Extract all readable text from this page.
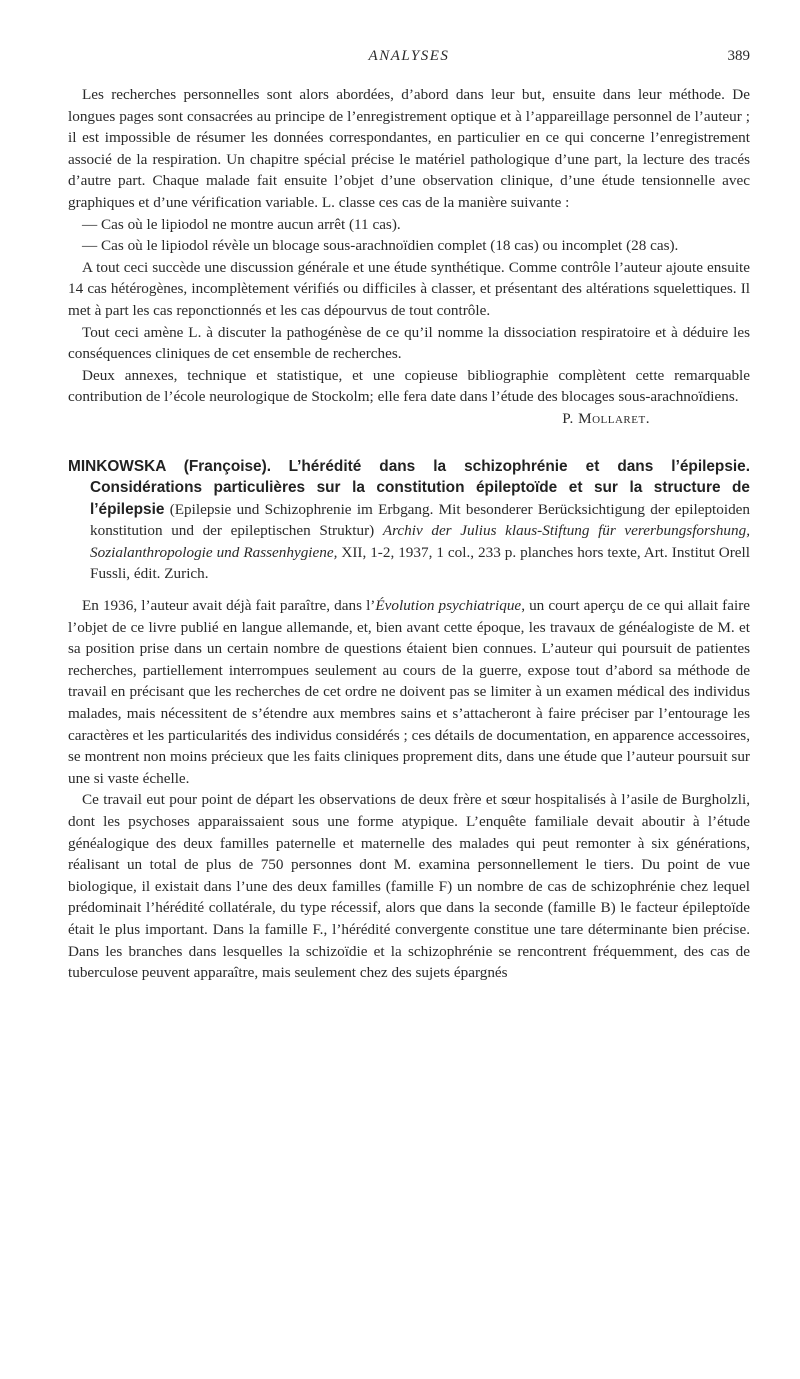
ANALYSES	389

Les recherches personnelles sont alors abordées, d’abord dans leur but, ensuite dans leur méthode. De longues pages sont consacrées au principe de l’enregistrement optique et à l’appareillage personnel de l’auteur ; il est impossible de résumer les données correspondantes, en particulier en ce qui concerne l’enregistrement associé de la respiration. Un chapitre spécial précise le matériel pathologique d’une part, la lecture des tracés d’autre part. Chaque malade fait ensuite l’objet d’une observation clinique, d’une étude tensionnelle avec graphiques et d’une vérification variable. L. classe ces cas de la manière suivante :

— Cas où le lipiodol ne montre aucun arrêt (11 cas).

— Cas où le lipiodol révèle un blocage sous-arachnoïdien complet (18 cas) ou incomplet (28 cas).

A tout ceci succède une discussion générale et une étude synthétique. Comme contrôle l’auteur ajoute ensuite 14 cas hétérogènes, incomplètement vérifiés ou difficiles à classer, et présentant des altérations squelettiques. Il met à part les cas reponctionnés et les cas dépourvus de tout contrôle.

Tout ceci amène L. à discuter la pathogénèse de ce qu’il nomme la dissociation respiratoire et à déduire les conséquences cliniques de cet ensemble de recherches.

Deux annexes, technique et statistique, et une copieuse bibliographie complètent cette remarquable contribution de l’école neurologique de Stockolm; elle fera date dans l’étude des blocages sous-arachnoïdiens.
P. Mollaret.

MINKOWSKA (Françoise). L’hérédité dans la schizophrénie et dans l’épilepsie. Considérations particulières sur la constitution épileptoïde et sur la structure de l’épilepsie (Epilepsie und Schizophrenie im Erbgang. Mit besonderer Berücksichtigung der epileptoiden konstitution und der epileptischen Struktur) Archiv der Julius klaus-Stiftung für vererbungsforshung, Sozialanthropologie und Rassenhygiene, XII, 1-2, 1937, 1 col., 233 p. planches hors texte, Art. Institut Orell Fussli, édit. Zurich.

En 1936, l’auteur avait déjà fait paraître, dans l’Évolution psychiatrique, un court aperçu de ce qui allait faire l’objet de ce livre publié en langue allemande, et, bien avant cette époque, les travaux de généalogiste de M. et sa position prise dans un certain nombre de questions étaient bien connues. L’auteur qui poursuit de patientes recherches, partiellement interrompues seulement au cours de la guerre, expose tout d’abord sa méthode de travail en précisant que les recherches de cet ordre ne doivent pas se limiter à un examen médical des individus malades, mais nécessitent de s’étendre aux membres sains et s’attacheront à faire préciser par l’entourage les caractères et les particularités des individus considérés ; ces détails de documentation, en apparence accessoires, se montrent non moins précieux que les faits cliniques proprement dits, dans une étude que l’auteur poursuit sur une si vaste échelle.

Ce travail eut pour point de départ les observations de deux frère et sœur hospitalisés à l’asile de Burgholzli, dont les psychoses apparaissaient sous une forme atypique. L’enquête familiale devait aboutir à l’étude généalogique des deux familles paternelle et maternelle des malades qui peut remonter à six générations, réalisant un total de plus de 750 personnes dont M. examina personnellement le tiers. Du point de vue biologique, il existait dans l’une des deux familles (famille F) un nombre de cas de schizophrénie chez lequel prédominait l’hérédité collatérale, du type récessif, alors que dans la seconde (famille B) le facteur épileptoïde était le plus important. Dans la famille F., l’hérédité convergente constitue une tare déterminante bien précise. Dans les branches dans lesquelles la schizoïdie et la schizophrénie se rencontrent fréquemment, des cas de tuberculose peuvent apparaître, mais seulement chez des sujets épargnés
